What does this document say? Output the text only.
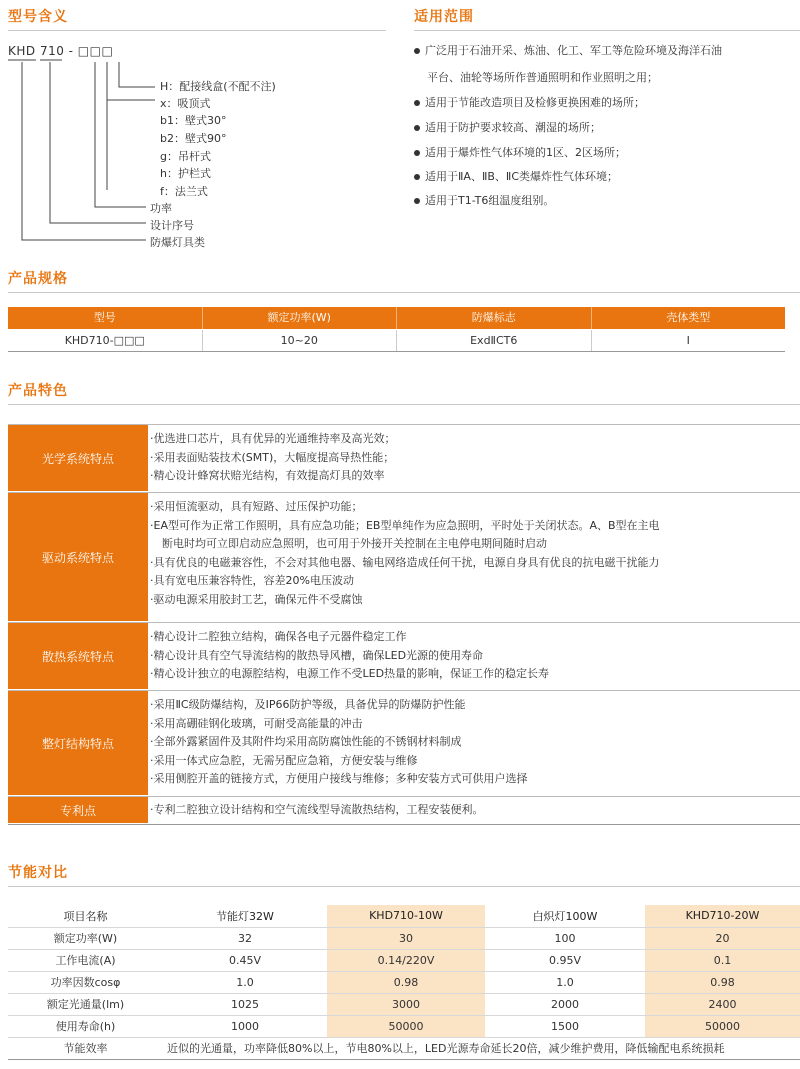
型号含义
KHD 710 - □□□
H：配接线盒(不配不注)
x：吸顶式
b1：壁式30°
b2：壁式90°
g：吊杆式
h：护栏式
f：法兰式
功率
设计序号
防爆灯具类
适用范围
广泛用于石油开采、炼油、化工、军工等危险环境及海洋石油
平台、油轮等场所作普通照明和作业照明之用；
适用于节能改造项目及检修更换困难的场所；
适用于防护要求较高、潮湿的场所；
适用于爆炸性气体环境的1区、2区场所；
适用于ⅡA、ⅡB、ⅡC类爆炸性气体环境；
适用于T1-T6组温度组别。
产品规格
型号	额定功率(W)	防爆标志	壳体类型
KHD710-□□□	10~20	ExdⅡCT6	Ⅰ
产品特色
光学系统特点
·优选进口芯片，具有优异的光通维持率及高光效；
·采用表面贴装技术(SMT)，大幅度提高导热性能；
·精心设计蜂窝状赔光结构，有效提高灯具的效率
驱动系统特点
·采用恒流驱动，具有短路、过压保护功能；
·EA型可作为正常工作照明，具有应急功能；EB型单纯作为应急照明，平时处于关闭状态。A、B型在主电
断电时均可立即启动应急照明，也可用于外接开关控制在主电停电期间随时启动
·具有优良的电磁兼容性，不会对其他电器、输电网络造成任何干扰，电源自身具有优良的抗电磁干扰能力
·具有宽电压兼容特性，容差20%电压波动
·驱动电源采用胶封工艺，确保元件不受腐蚀
散热系统特点
·精心设计二腔独立结构，确保各电子元器件稳定工作
·精心设计具有空气导流结构的散热导风槽，确保LED光源的使用寿命
·精心设计独立的电源腔结构，电源工作不受LED热量的影响，保证工作的稳定长寿
整灯结构特点
·采用ⅡC级防爆结构，及IP66防护等级，具备优异的防爆防护性能
·采用高硼硅钢化玻璃，可耐受高能量的冲击
·全部外露紧固件及其附件均采用高防腐蚀性能的不锈钢材料制成
·采用一体式应急腔，无需另配应急箱，方便安装与维修
·采用侧腔开盖的链接方式，方便用户接线与维修；多种安装方式可供用户选择
专利点	·专利二腔独立设计结构和空气流线型导流散热结构，工程安装便利。
节能对比
项目名称	节能灯32W	KHD710-10W	白炽灯100W	KHD710-20W
额定功率(W)	32	30	100	20
工作电流(A)	0.45V	0.14/220V	0.95V	0.1
功率因数cosφ	1.0	0.98	1.0	0.98
额定光通量(lm)	1025	3000	2000	2400
使用寿命(h)	1000	50000	1500	50000
节能效率	近似的光通量，功率降低80%以上，节电80%以上，LED光源寿命延长20倍，减少维护费用，降低输配电系统损耗			
